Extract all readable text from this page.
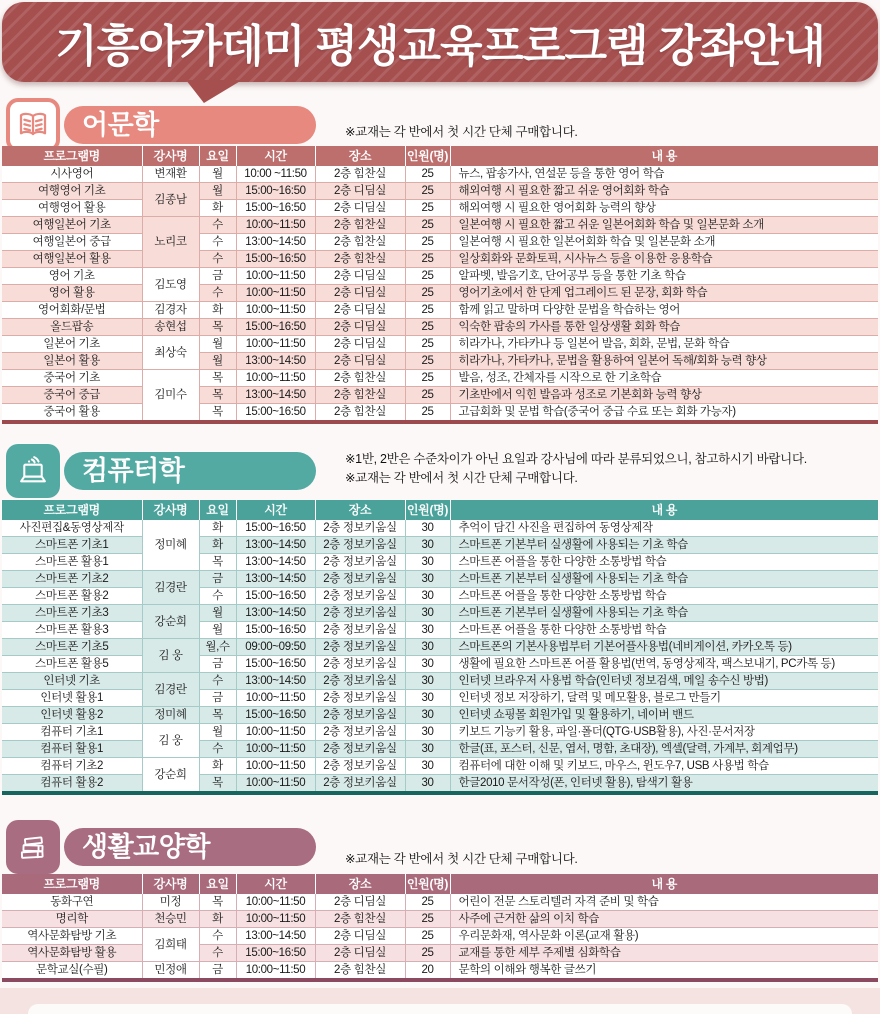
기흥아카데미 평생교육프로그램 강좌안내
어문학	※교재는 각 반에서 첫 시간 단체 구매합니다.
프로그램명	강사명	요일	시간	장소	인원(명)	내 용
시사영어	변재환	월	10:00 ~11:50	2층 힘찬실	25	뉴스, 팝송가사, 연설문 등을 통한 영어 학습
여행영어 기초	김종남	월	15:00~16:50	2층 디딤실	25	해외여행 시 필요한 짧고 쉬운 영어회화 학습
여행영어 활용		화	15:00~16:50	2층 디딤실	25	해외여행 시 필요한 영어회화 능력의 향상
여행일본어 기초	노리코	수	10:00~11:50	2층 힘찬실	25	일본여행 시 필요한 짧고 쉬운 일본어회화 학습 및 일본문화 소개
여행일본어 중급		수	13:00~14:50	2층 힘찬실	25	일본여행 시 필요한 일본어회화 학습 및 일본문화 소개
여행일본어 활용		수	15:00~16:50	2층 힘찬실	25	일상회화와 문화토픽, 시사뉴스 등을 이용한 응용학습
영어 기초	김도영	금	10:00~11:50	2층 디딤실	25	알파벳, 발음기호, 단어공부 등을 통한 기초 학습
영어 활용		수	10:00~11:50	2층 디딤실	25	영어기초에서 한 단계 업그레이드 된 문장, 회화 학습
영어회화/문법	김경자	화	10:00~11:50	2층 디딤실	25	함께 읽고 말하며 다양한 문법을 학습하는 영어
올드팝송	송현섭	목	15:00~16:50	2층 디딤실	25	익숙한 팝송의 가사를 통한 일상생활 회화 학습
일본어 기초	최상숙	월	10:00~11:50	2층 디딤실	25	히라가나, 가타카나 등 일본어 발음, 회화, 문법, 문화 학습
일본어 활용		월	13:00~14:50	2층 디딤실	25	히라가나, 가타카나, 문법을 활용하여 일본어 독해/회화 능력 향상
중국어 기초	김미수	목	10:00~11:50	2층 힘찬실	25	발음, 성조, 간체자를 시작으로 한 기초학습
중국어 중급		목	13:00~14:50	2층 힘찬실	25	기초반에서 익힌 발음과 성조로 기본회화 능력 향상
중국어 활용		목	15:00~16:50	2층 힘찬실	25	고급회화 및 문법 학습(중국어 중급 수료 또는 회화 가능자)
컴퓨터학	※1반, 2반은 수준차이가 아닌 요일과 강사님에 따라 분류되었으니, 참고하시기 바랍니다.
※교재는 각 반에서 첫 시간 단체 구매합니다.
프로그램명	강사명	요일	시간	장소	인원(명)	내 용
사진편집&동영상제작	정미혜	화	15:00~16:50	2층 정보키움실	30	추억이 담긴 사진을 편집하여 동영상제작
스마트폰 기초1		화	13:00~14:50	2층 정보키움실	30	스마트폰 기본부터 실생활에 사용되는 기초 학습
스마트폰 활용1		목	13:00~14:50	2층 정보키움실	30	스마트폰 어플을 통한 다양한 소통방법 학습
스마트폰 기초2	김경란	금	13:00~14:50	2층 정보키움실	30	스마트폰 기본부터 실생활에 사용되는 기초 학습
스마트폰 활용2		수	15:00~16:50	2층 정보키움실	30	스마트폰 어플을 통한 다양한 소통방법 학습
스마트폰 기초3	강순희	월	13:00~14:50	2층 정보키움실	30	스마트폰 기본부터 실생활에 사용되는 기초 학습
스마트폰 활용3		월	15:00~16:50	2층 정보키움실	30	스마트폰 어플을 통한 다양한 소통방법 학습
스마트폰 기초5	김 웅	월,수	09:00~09:50	2층 정보키움실	30	스마트폰의 기본사용법부터 기본어플사용법(네비게이션, 카카오톡 등)
스마트폰 활용5		금	15:00~16:50	2층 정보키움실	30	생활에 필요한 스마트폰 어플 활용법(번역, 동영상제작, 팩스보내기, PC카톡 등)
인터넷 기초	김경란	수	13:00~14:50	2층 정보키움실	30	인터넷 브라우저 사용법 학습(인터넷 정보검색, 메일 송수신 방법)
인터넷 활용1		금	10:00~11:50	2층 정보키움실	30	인터넷 정보 저장하기, 달력 및 메모활용, 블로그 만들기
인터넷 활용2	정미혜	목	15:00~16:50	2층 정보키움실	30	인터넷 쇼핑몰 회원가입 및 활용하기, 네이버 밴드
컴퓨터 기초1	김 웅	월	10:00~11:50	2층 정보키움실	30	키보드 기능키 활용, 파일·폴더(QTG·USB활용), 사진·문서저장
컴퓨터 활용1		수	10:00~11:50	2층 정보키움실	30	한글(표, 포스터, 신문, 엽서, 명함, 초대장), 엑셀(달력, 가계부, 회계업무)
컴퓨터 기초2	강순희	화	10:00~11:50	2층 정보키움실	30	컴퓨터에 대한 이해 및 키보드, 마우스, 윈도우7, USB 사용법 학습
컴퓨터 활용2		목	10:00~11:50	2층 정보키움실	30	한글2010 문서작성(폰, 인터넷 활용), 탐색기 활용
생활교양학	※교재는 각 반에서 첫 시간 단체 구매합니다.
프로그램명	강사명	요일	시간	장소	인원(명)	내 용
동화구연	미정	목	10:00~11:50	2층 디딤실	25	어린이 전문 스토리텔러 자격 준비 및 학습
명리학	천승민	화	10:00~11:50	2층 힘찬실	25	사주에 근거한 삶의 이치 학습
역사문화탐방 기초	김희태	수	13:00~14:50	2층 디딤실	25	우리문화재, 역사문화 이론(교재 활용)
역사문화탐방 활용		수	15:00~16:50	2층 디딤실	25	교재를 통한 세부 주제별 심화학습
문학교실(수필)	민정애	금	10:00~11:50	2층 힘찬실	20	문학의 이해와 행복한 글쓰기
